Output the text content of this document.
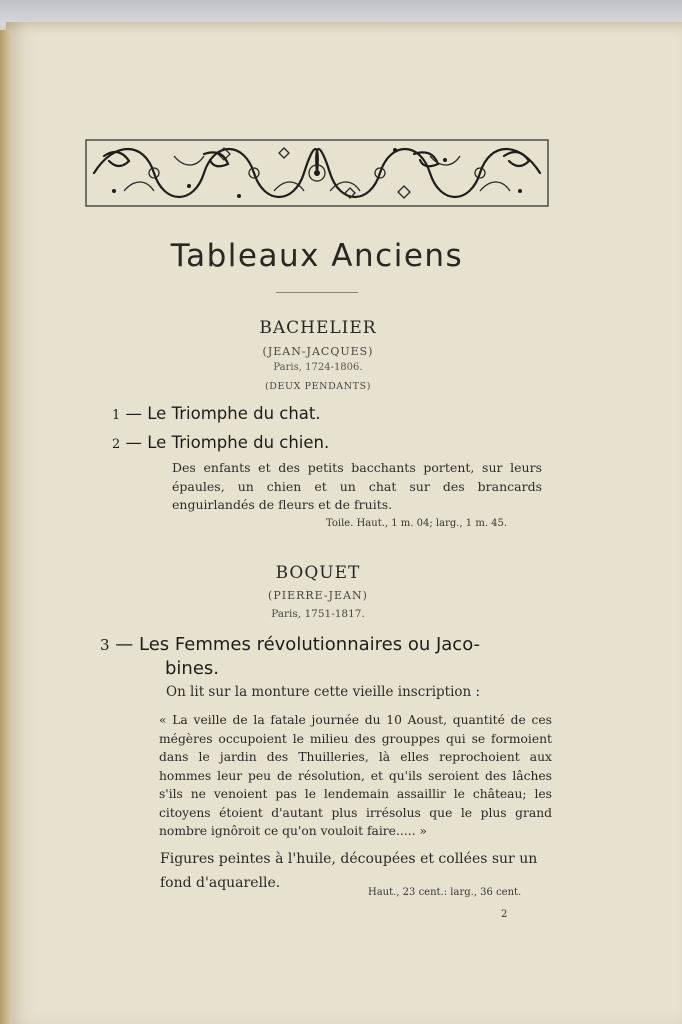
Tableaux Anciens
BACHELIER
(JEAN-JACQUES)
Paris, 1724-1806.
(DEUX PENDANTS)
1 — Le Triomphe du chat.
2 — Le Triomphe du chien.
Des enfants et des petits bacchants portent, sur leurs épaules, un chien et un chat sur des brancards enguirlandés de fleurs et de fruits.
Toile. Haut., 1 m. 04; larg., 1 m. 45.
BOQUET
(PIERRE-JEAN)
Paris, 1751-1817.
3 — Les Femmes révolutionnaires ou Jaco-
bines.
On lit sur la monture cette vieille inscription :
« La veille de la fatale journée du 10 Aoust, quantité de ces mégères occupoient le milieu des grouppes qui se formoient dans le jardin des Thuilleries, là elles reprochoient aux hommes leur peu de résolution, et qu'ils seroient des lâches s'ils ne venoient pas le lendemain assaillir le château; les citoyens étoient d'autant plus irrésolus que le plus grand nombre ignôroit ce qu'on vouloit faire..... »
Figures peintes à l'huile, découpées et collées sur un fond d'aquarelle.
Haut., 23 cent.: larg., 36 cent.
2
